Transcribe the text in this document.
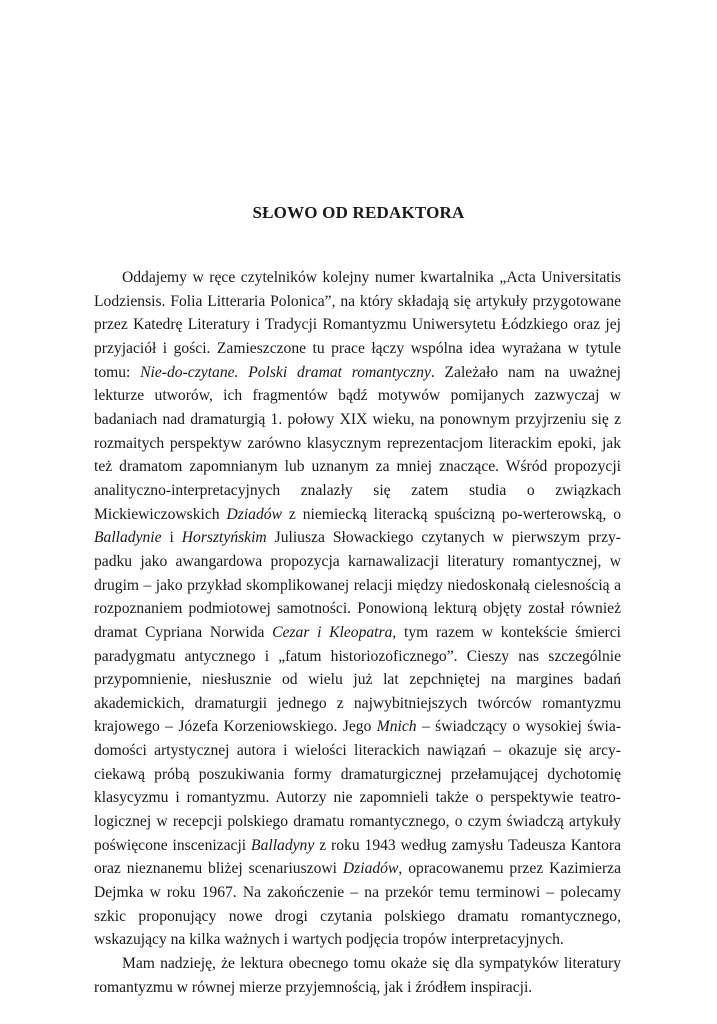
SŁOWO OD REDAKTORA

Oddajemy w ręce czytelników kolejny numer kwartalnika „Acta Universitatis Lodziensis. Folia Litteraria Polonica”, na który składają się artykuły przygotowane przez Katedrę Literatury i Tradycji Romantyzmu Uniwersytetu Łódzkiego oraz jej przyjaciół i gości. Zamieszczone tu prace łączy wspólna idea wyrażana w tytule tomu: Nie-do-czytane. Polski dramat romantyczny. Zależało nam na uważnej lekturze utworów, ich fragmentów bądź motywów pomijanych zazwyczaj w badaniach nad dramaturgią 1. połowy XIX wieku, na ponownym przyjrzeniu się z rozmaitych perspektyw zarówno klasycznym reprezentacjom literackim epoki, jak też dramatom zapomnianym lub uznanym za mniej znaczące. Wśród propozycji analityczno-interpretacyjnych znalazły się zatem studia o związkach Mickiewiczowskich Dziadów z niemiecką literacką spuścizną po-werterowską, o Balladynie i Horsztyńskim Juliusza Słowackiego czytanych w pierwszym przypadku jako awangardowa propozycja karnawalizacji literatury romantycznej, w drugim – jako przykład skomplikowanej relacji między niedoskonałą cielesnością a rozpoznaniem podmiotowej samotności. Ponowioną lekturą objęty został również dramat Cypriana Norwida Cezar i Kleopatra, tym razem w kontekście śmierci paradygmatu antycznego i „fatum historiozoficznego”. Cieszy nas szczególnie przypomnienie, niesłusznie od wielu już lat zepchniętej na margines badań akademickich, dramaturgii jednego z najwybitniejszych twórców romantyzmu krajowego – Józefa Korzeniowskiego. Jego Mnich – świadczący o wysokiej świadomości artystycznej autora i wielości literackich nawiązań – okazuje się arcyciekawą próbą poszukiwania formy dramaturgicznej przełamującej dychotomię klasycyzmu i romantyzmu. Autorzy nie zapomnieli także o perspektywie teatrologicznej w recepcji polskiego dramatu romantycznego, o czym świadczą artykuły poświęcone inscenizacji Balladyny z roku 1943 według zamysłu Tadeusza Kantora oraz nieznanemu bliżej scenariuszowi Dziadów, opracowanemu przez Kazimierza Dejmka w roku 1967. Na zakończenie – na przekór temu terminowi – polecamy szkic proponujący nowe drogi czytania polskiego dramatu romantycznego, wskazujący na kilka ważnych i wartych podjęcia tropów interpretacyjnych.

Mam nadzieję, że lektura obecnego tomu okaże się dla sympatyków literatury romantyzmu w równej mierze przyjemnością, jak i źródłem inspiracji.
